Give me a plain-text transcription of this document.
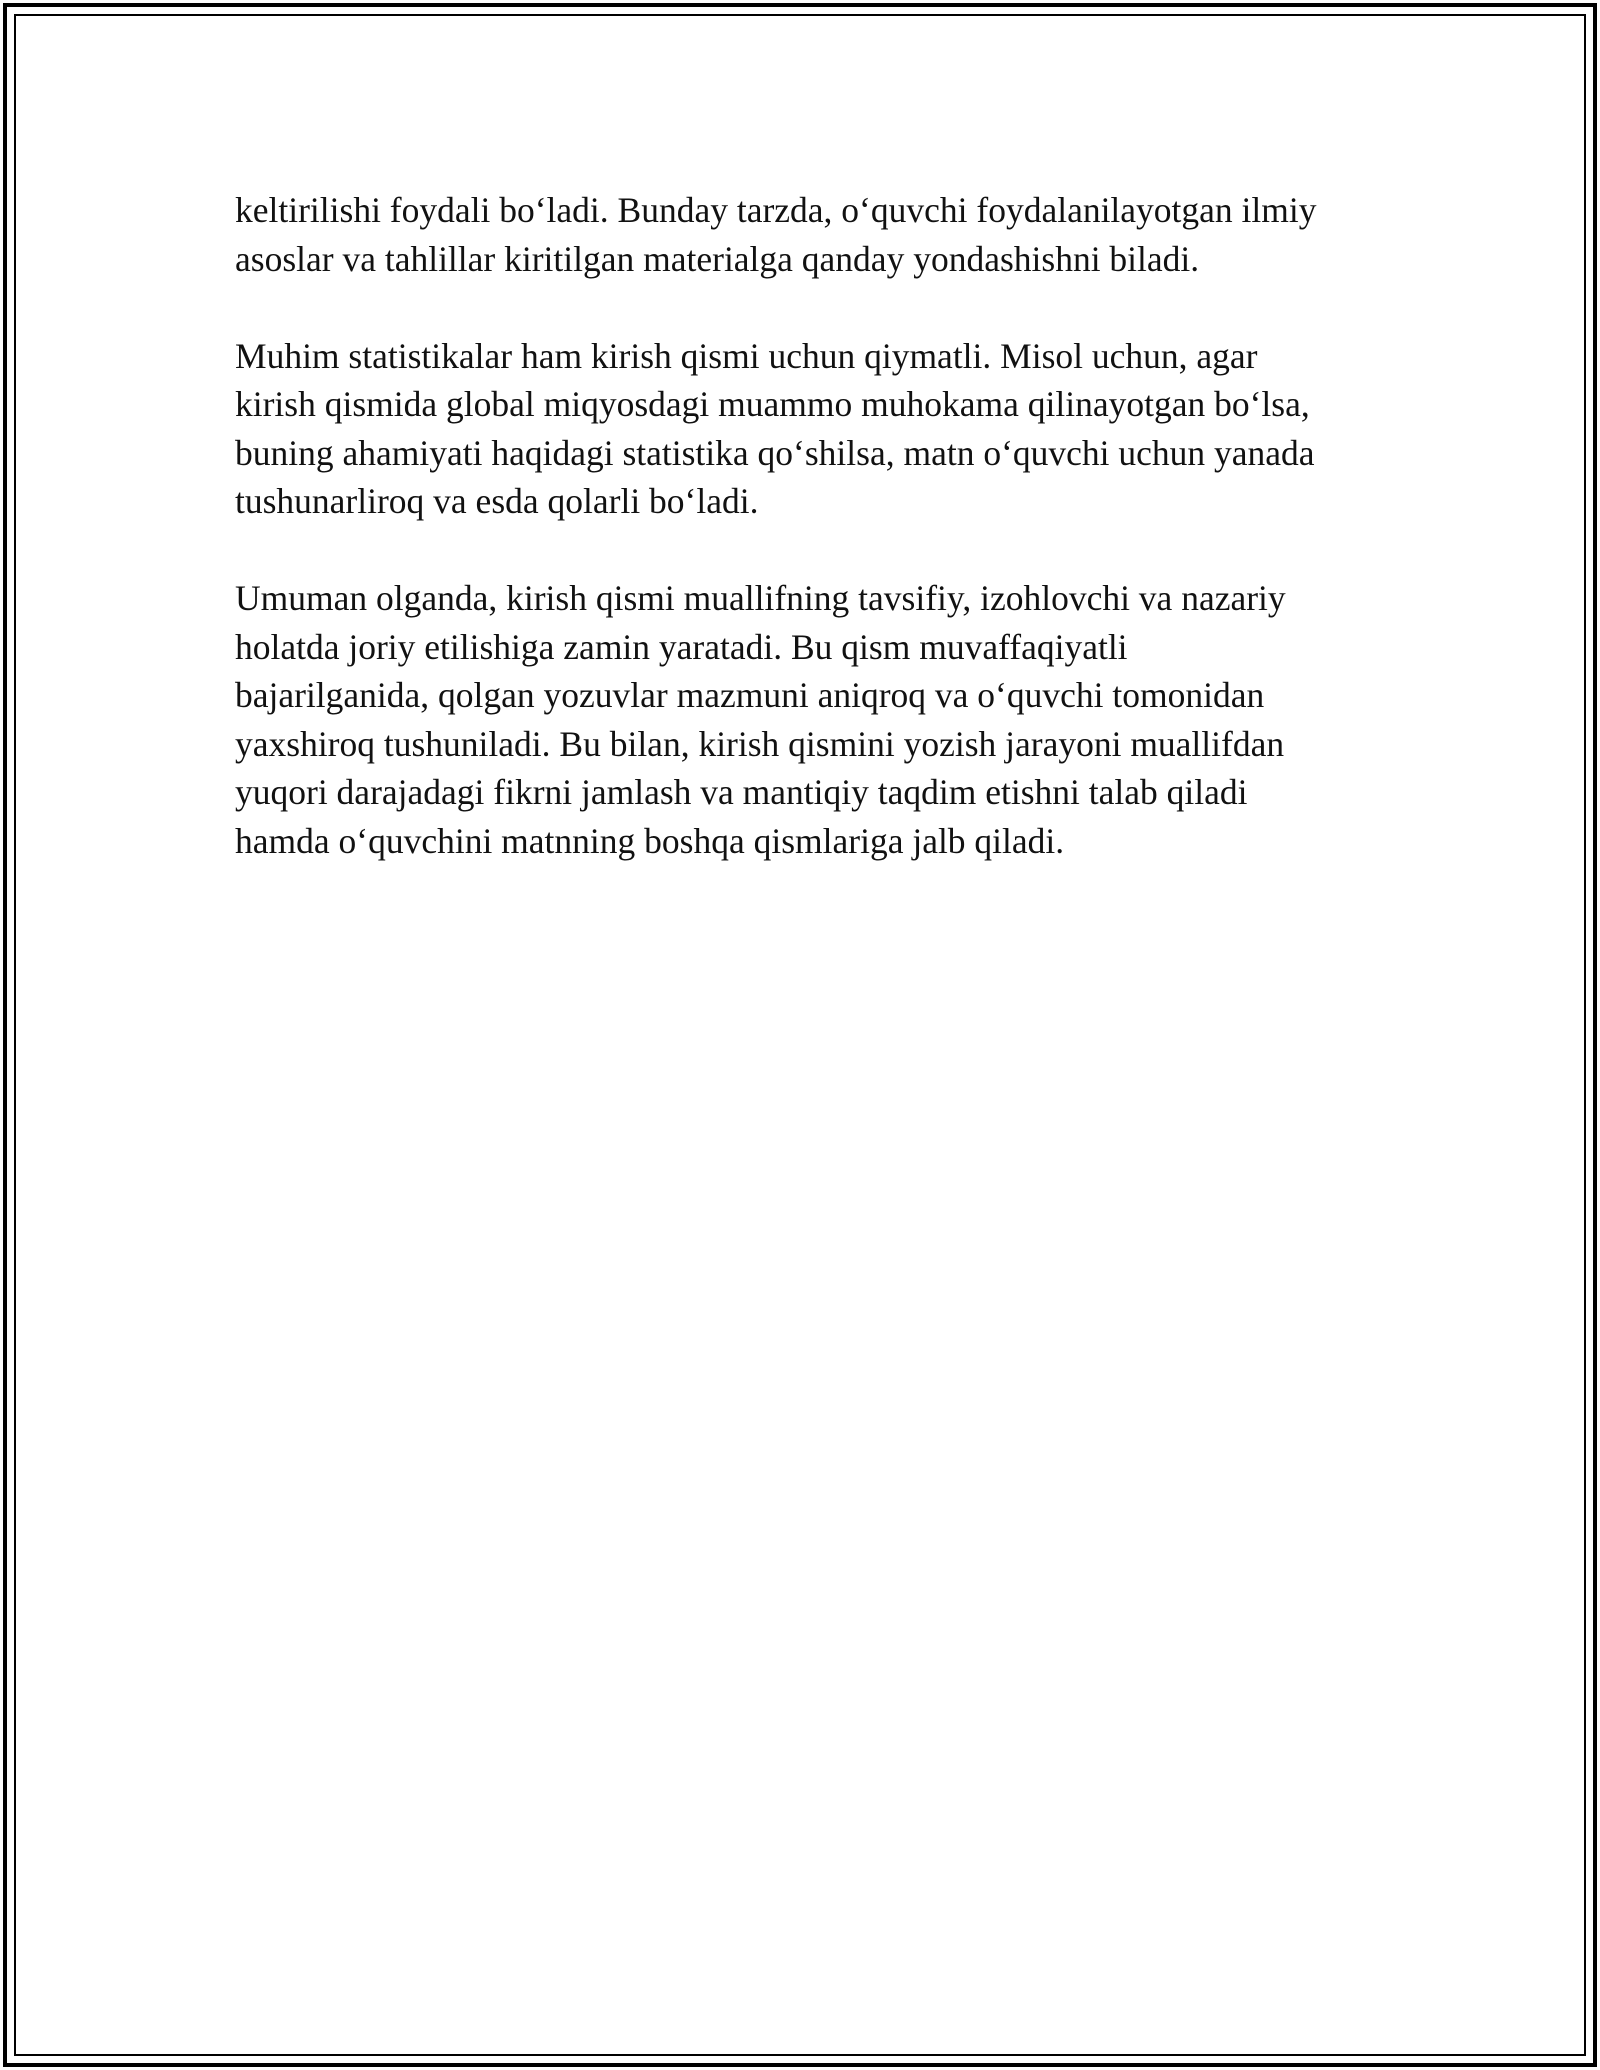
keltirilishi foydali bo‘ladi. Bunday tarzda, o‘quvchi foydalanilayotgan ilmiy
asoslar va tahlillar kiritilgan materialga qanday yondashishni biladi.

Muhim statistikalar ham kirish qismi uchun qiymatli. Misol uchun, agar
kirish qismida global miqyosdagi muammo muhokama qilinayotgan bo‘lsa,
buning ahamiyati haqidagi statistika qo‘shilsa, matn o‘quvchi uchun yanada
tushunarliroq va esda qolarli bo‘ladi.

Umuman olganda, kirish qismi muallifning tavsifiy, izohlovchi va nazariy
holatda joriy etilishiga zamin yaratadi. Bu qism muvaffaqiyatli
bajarilganida, qolgan yozuvlar mazmuni aniqroq va o‘quvchi tomonidan
yaxshiroq tushuniladi. Bu bilan, kirish qismini yozish jarayoni muallifdan
yuqori darajadagi fikrni jamlash va mantiqiy taqdim etishni talab qiladi
hamda o‘quvchini matnning boshqa qismlariga jalb qiladi.
